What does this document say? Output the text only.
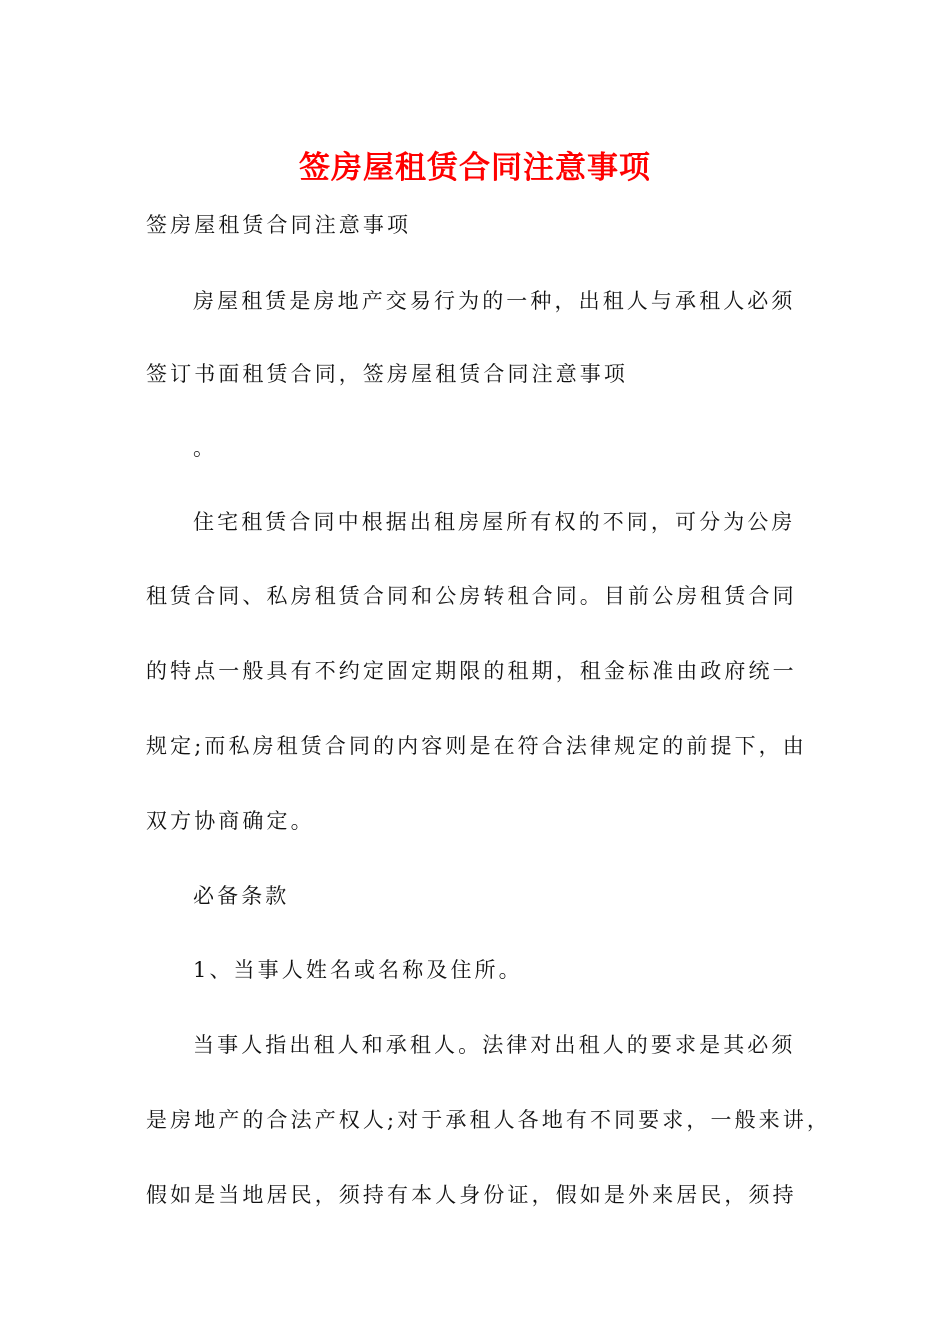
签房屋租赁合同注意事项
签房屋租赁合同注意事项
房屋租赁是房地产交易行为的一种，出租人与承租人必须
签订书面租赁合同，签房屋租赁合同注意事项
。
住宅租赁合同中根据出租房屋所有权的不同，可分为公房
租赁合同、私房租赁合同和公房转租合同。目前公房租赁合同
的特点一般具有不约定固定期限的租期，租金标准由政府统一
规定;而私房租赁合同的内容则是在符合法律规定的前提下，由
双方协商确定。
必备条款
1、当事人姓名或名称及住所。
当事人指出租人和承租人。法律对出租人的要求是其必须
是房地产的合法产权人;对于承租人各地有不同要求，一般来讲，
假如是当地居民，须持有本人身份证，假如是外来居民，须持
